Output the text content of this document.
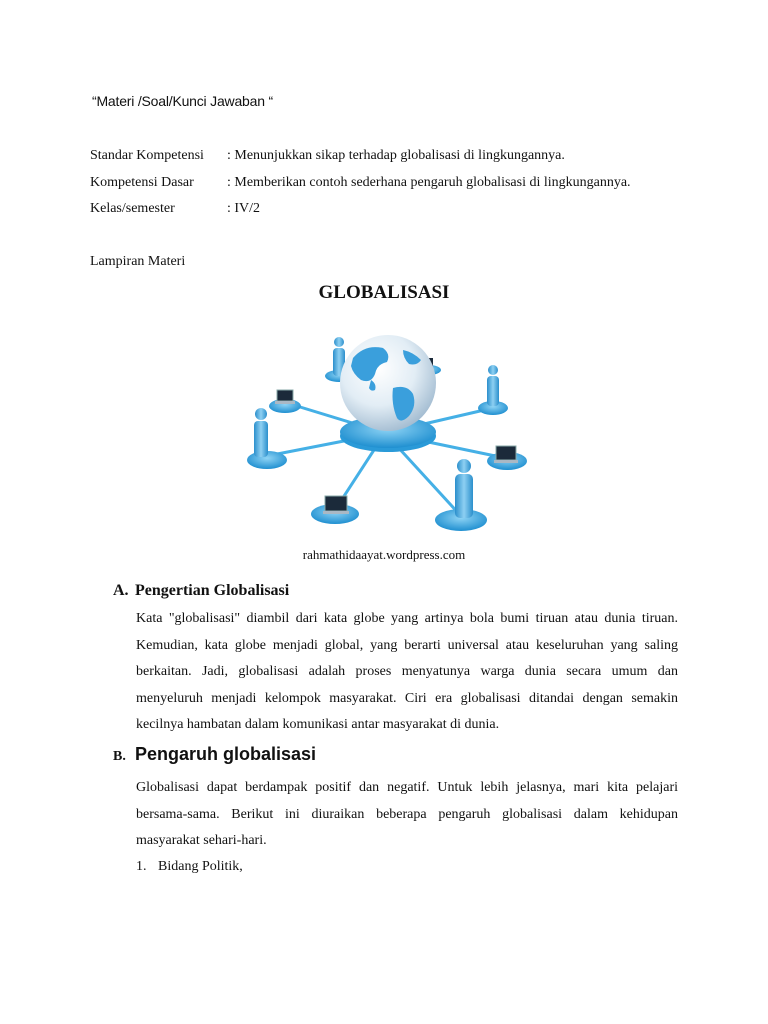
“Materi /Soal/Kunci Jawaban “
Standar Kompetensi	: Menunjukkan sikap terhadap globalisasi di lingkungannya.
Kompetensi Dasar	: Memberikan contoh sederhana pengaruh globalisasi di lingkungannya.
Kelas/semester	: IV/2
Lampiran Materi
GLOBALISASI
rahmathidaayat.wordpress.com
A. Pengertian Globalisasi
Kata "globalisasi" diambil dari kata globe yang artinya bola bumi tiruan atau dunia tiruan. Kemudian, kata globe menjadi global, yang berarti universal atau keseluruhan yang saling berkaitan. Jadi, globalisasi adalah proses menyatunya warga dunia secara umum dan menyeluruh menjadi kelompok masyarakat. Ciri era globalisasi ditandai dengan semakin kecilnya hambatan dalam komunikasi antar masyarakat di dunia.
B. Pengaruh globalisasi
Globalisasi dapat berdampak positif dan negatif. Untuk lebih jelasnya, mari kita pelajari bersama-sama. Berikut ini diuraikan beberapa pengaruh globalisasi dalam kehidupan masyarakat sehari-hari.
1. Bidang Politik,
